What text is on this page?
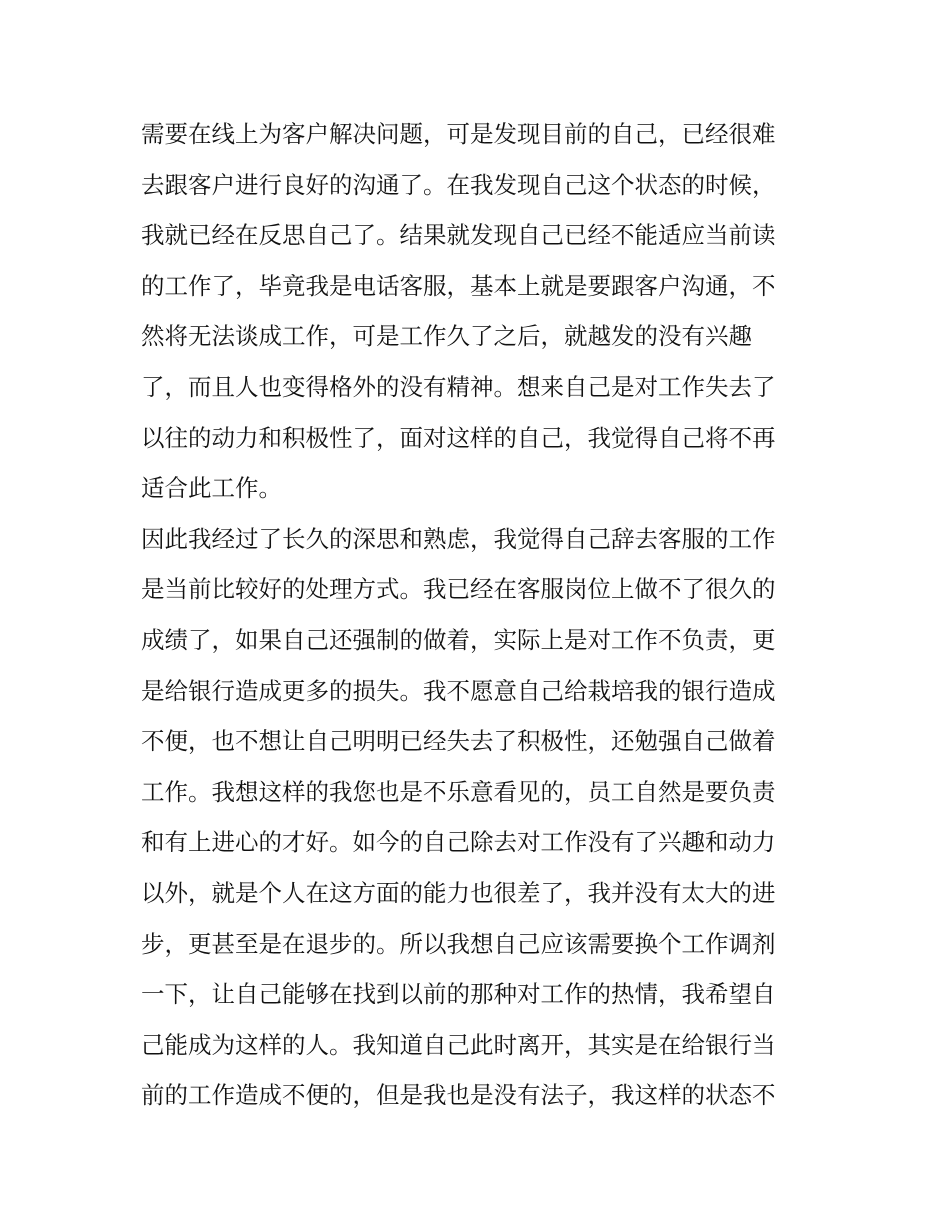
需要在线上为客户解决问题，可是发现目前的自己，已经很难
去跟客户进行良好的沟通了。在我发现自己这个状态的时候，
我就已经在反思自己了。结果就发现自己已经不能适应当前读
的工作了，毕竟我是电话客服，基本上就是要跟客户沟通，不
然将无法谈成工作，可是工作久了之后，就越发的没有兴趣
了，而且人也变得格外的没有精神。想来自己是对工作失去了
以往的动力和积极性了，面对这样的自己，我觉得自己将不再
适合此工作。
因此我经过了长久的深思和熟虑，我觉得自己辞去客服的工作
是当前比较好的处理方式。我已经在客服岗位上做不了很久的
成绩了，如果自己还强制的做着，实际上是对工作不负责，更
是给银行造成更多的损失。我不愿意自己给栽培我的银行造成
不便，也不想让自己明明已经失去了积极性，还勉强自己做着
工作。我想这样的我您也是不乐意看见的，员工自然是要负责
和有上进心的才好。如今的自己除去对工作没有了兴趣和动力
以外，就是个人在这方面的能力也很差了，我并没有太大的进
步，更甚至是在退步的。所以我想自己应该需要换个工作调剂
一下，让自己能够在找到以前的那种对工作的热情，我希望自
己能成为这样的人。我知道自己此时离开，其实是在给银行当
前的工作造成不便的，但是我也是没有法子，我这样的状态不
